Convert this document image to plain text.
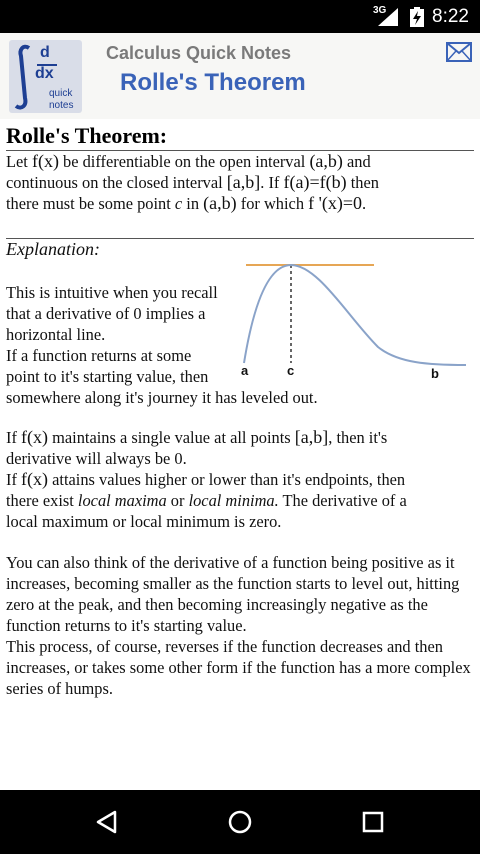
3G 8:22
d
dx
quick
notes
Calculus Quick Notes
Rolle's Theorem
Rolle's Theorem:

Let f(x) be differentiable on the open interval (a,b) and

continuous on the closed interval [a,b]. If f(a)=f(b) then

there must be some point c in (a,b) for which f '(x)=0.

Explanation:
a	c	b

This is intuitive when you recall

that a derivative of 0 implies a

horizontal line.

If a function returns at some

point to it's starting value, then

somewhere along it's journey it has leveled out.

If f(x) maintains a single value at all points [a,b], then it's

derivative will always be 0.

If f(x) attains values higher or lower than it's endpoints, then

there exist local maxima or local minima. The derivative of a

local maximum or local minimum is zero.

You can also think of the derivative of a function being positive as it increases, becoming smaller as the function starts to level out, hitting zero at the peak, and then becoming increasingly negative as the function returns to it's starting value.

This process, of course, reverses if the function decreases and then increases, or takes some other form if the function has a more complex series of humps.
